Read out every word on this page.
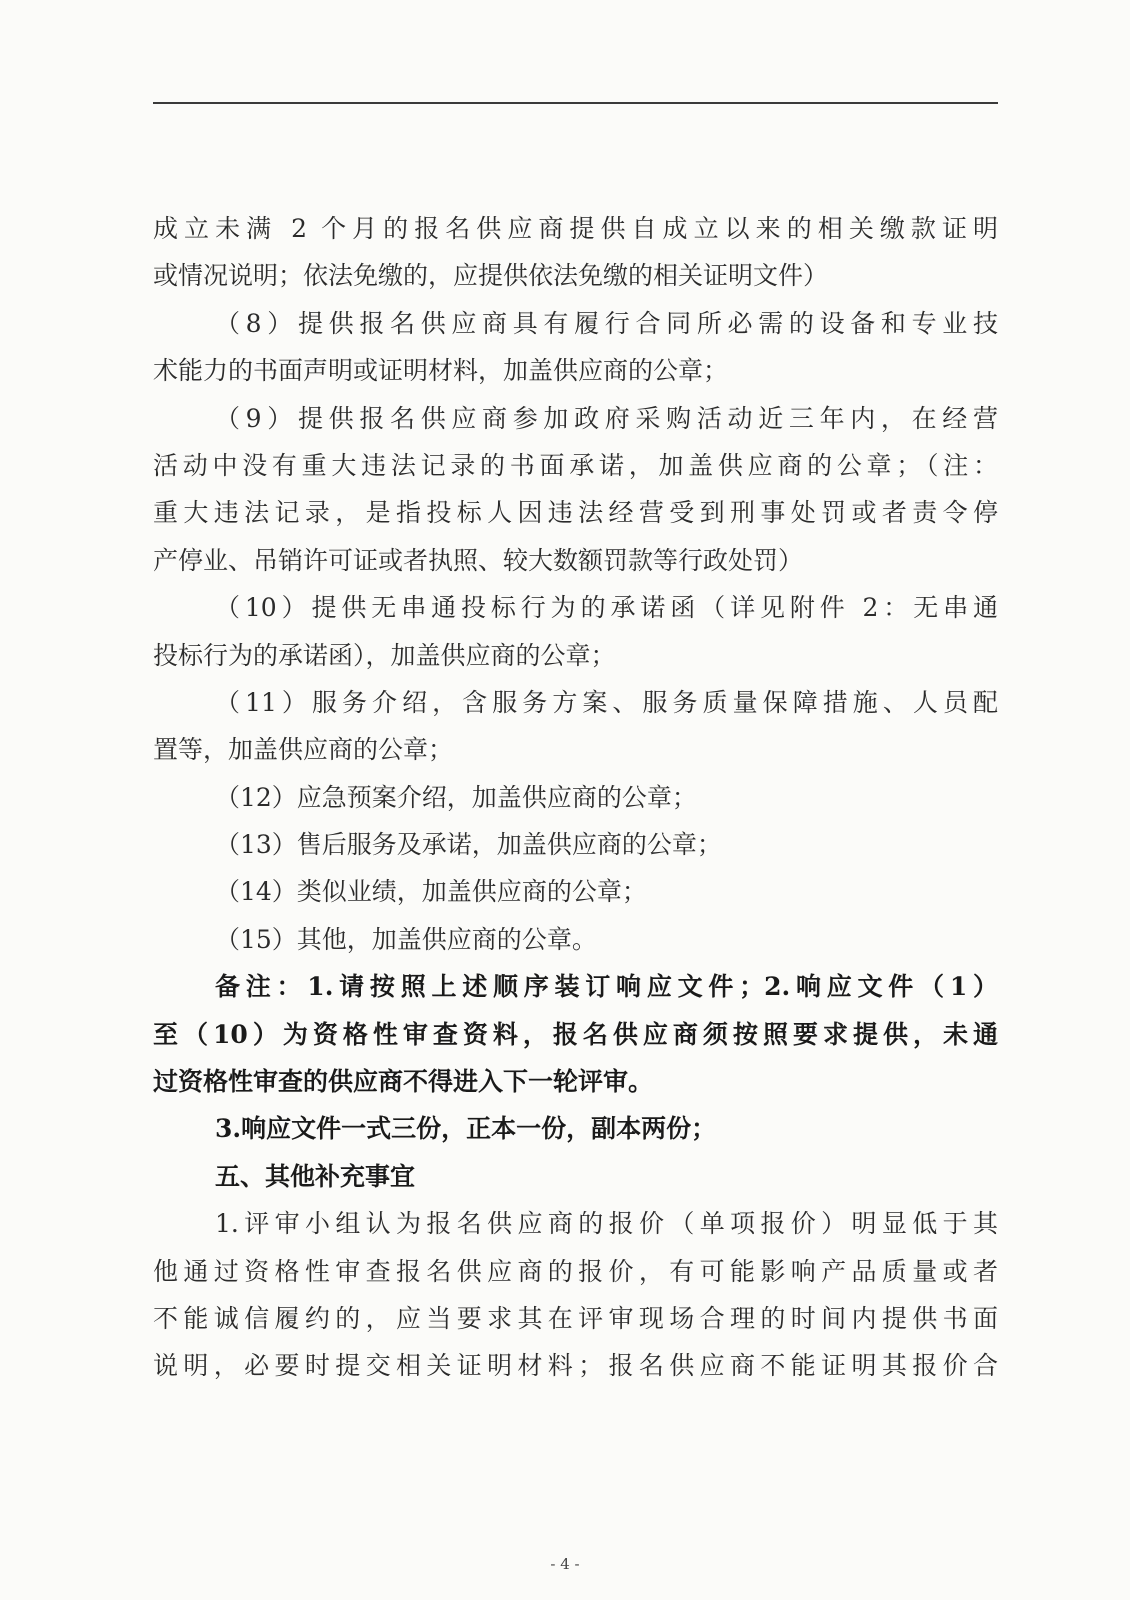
成立未满 2 个月的报名供应商提供自成立以来的相关缴款证明
或情况说明；依法免缴的，应提供依法免缴的相关证明文件）
（8）提供报名供应商具有履行合同所必需的设备和专业技
术能力的书面声明或证明材料，加盖供应商的公章；
（9）提供报名供应商参加政府采购活动近三年内，在经营
活动中没有重大违法记录的书面承诺，加盖供应商的公章；（注：
重大违法记录，是指投标人因违法经营受到刑事处罚或者责令停
产停业、吊销许可证或者执照、较大数额罚款等行政处罚）
（10）提供无串通投标行为的承诺函（详见附件 2：无串通
投标行为的承诺函），加盖供应商的公章；
（11）服务介绍，含服务方案、服务质量保障措施、人员配
置等，加盖供应商的公章；
（12）应急预案介绍，加盖供应商的公章；
（13）售后服务及承诺，加盖供应商的公章；
（14）类似业绩，加盖供应商的公章；
（15）其他，加盖供应商的公章。
备注：1.请按照上述顺序装订响应文件；2.响应文件（1）
至（10）为资格性审查资料，报名供应商须按照要求提供，未通
过资格性审查的供应商不得进入下一轮评审。
3.响应文件一式三份，正本一份，副本两份；
五、其他补充事宜
1.评审小组认为报名供应商的报价（单项报价）明显低于其
他通过资格性审查报名供应商的报价，有可能影响产品质量或者
不能诚信履约的，应当要求其在评审现场合理的时间内提供书面
说明，必要时提交相关证明材料；报名供应商不能证明其报价合
- 4 -
